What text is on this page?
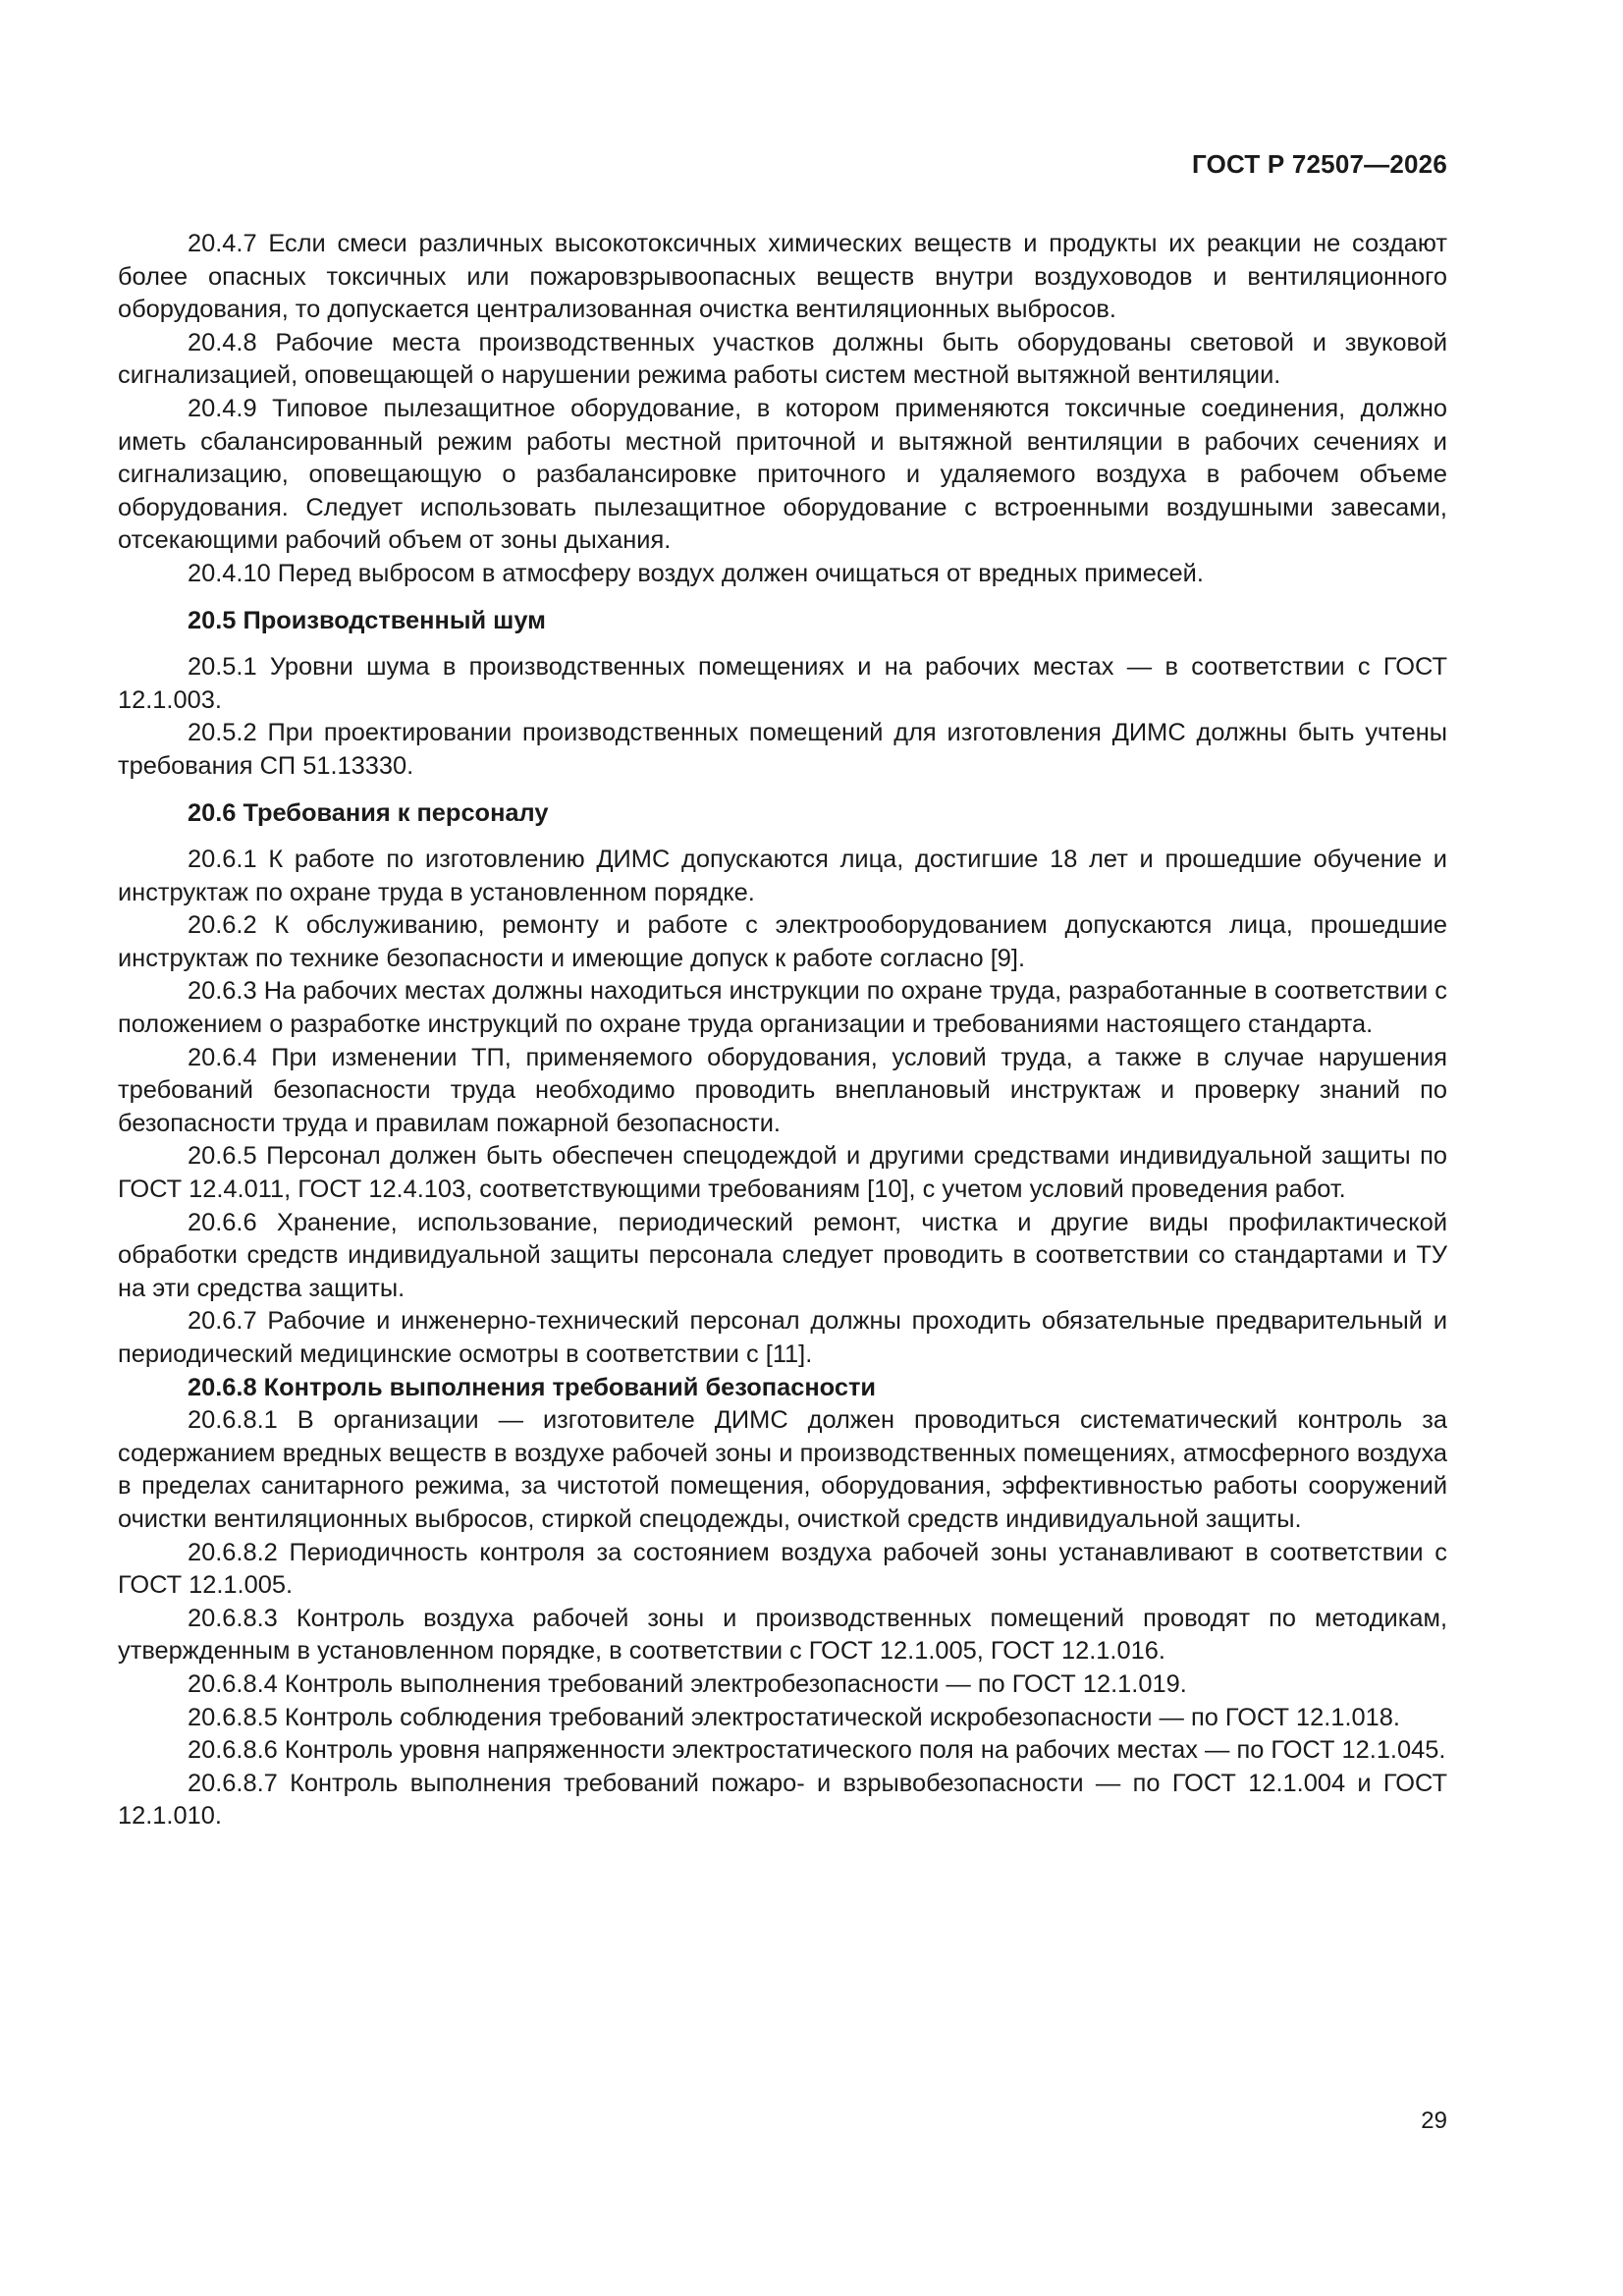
ГОСТ Р 72507—2026

20.4.7 Если смеси различных высокотоксичных химических веществ и продукты их реакции не создают более опасных токсичных или пожаровзрывоопасных веществ внутри воздуховодов и вентиляционного оборудования, то допускается централизованная очистка вентиляционных выбросов.

20.4.8 Рабочие места производственных участков должны быть оборудованы световой и звуковой сигнализацией, оповещающей о нарушении режима работы систем местной вытяжной вентиляции.

20.4.9 Типовое пылезащитное оборудование, в котором применяются токсичные соединения, должно иметь сбалансированный режим работы местной приточной и вытяжной вентиляции в рабочих сечениях и сигнализацию, оповещающую о разбалансировке приточного и удаляемого воздуха в рабочем объеме оборудования. Следует использовать пылезащитное оборудование с встроенными воздушными завесами, отсекающими рабочий объем от зоны дыхания.

20.4.10 Перед выбросом в атмосферу воздух должен очищаться от вредных примесей.

20.5 Производственный шум

20.5.1 Уровни шума в производственных помещениях и на рабочих местах — в соответствии с ГОСТ 12.1.003.

20.5.2 При проектировании производственных помещений для изготовления ДИМС должны быть учтены требования СП 51.13330.

20.6 Требования к персоналу

20.6.1 К работе по изготовлению ДИМС допускаются лица, достигшие 18 лет и прошедшие обучение и инструктаж по охране труда в установленном порядке.

20.6.2 К обслуживанию, ремонту и работе с электрооборудованием допускаются лица, прошедшие инструктаж по технике безопасности и имеющие допуск к работе согласно [9].

20.6.3 На рабочих местах должны находиться инструкции по охране труда, разработанные в соответствии с положением о разработке инструкций по охране труда организации и требованиями настоящего стандарта.

20.6.4 При изменении ТП, применяемого оборудования, условий труда, а также в случае нарушения требований безопасности труда необходимо проводить внеплановый инструктаж и проверку знаний по безопасности труда и правилам пожарной безопасности.

20.6.5 Персонал должен быть обеспечен спецодеждой и другими средствами индивидуальной защиты по ГОСТ 12.4.011, ГОСТ 12.4.103, соответствующими требованиям [10], с учетом условий проведения работ.

20.6.6 Хранение, использование, периодический ремонт, чистка и другие виды профилактической обработки средств индивидуальной защиты персонала следует проводить в соответствии со стандартами и ТУ на эти средства защиты.

20.6.7 Рабочие и инженерно-технический персонал должны проходить обязательные предварительный и периодический медицинские осмотры в соответствии с [11].

20.6.8 Контроль выполнения требований безопасности

20.6.8.1 В организации — изготовителе ДИМС должен проводиться систематический контроль за содержанием вредных веществ в воздухе рабочей зоны и производственных помещениях, атмосферного воздуха в пределах санитарного режима, за чистотой помещения, оборудования, эффективностью работы сооружений очистки вентиляционных выбросов, стиркой спецодежды, очисткой средств индивидуальной защиты.

20.6.8.2 Периодичность контроля за состоянием воздуха рабочей зоны устанавливают в соответствии с ГОСТ 12.1.005.

20.6.8.3 Контроль воздуха рабочей зоны и производственных помещений проводят по методикам, утвержденным в установленном порядке, в соответствии с ГОСТ 12.1.005, ГОСТ 12.1.016.

20.6.8.4 Контроль выполнения требований электробезопасности — по ГОСТ 12.1.019.

20.6.8.5 Контроль соблюдения требований электростатической искробезопасности — по ГОСТ 12.1.018.

20.6.8.6 Контроль уровня напряженности электростатического поля на рабочих местах — по ГОСТ 12.1.045.

20.6.8.7 Контроль выполнения требований пожаро- и взрывобезопасности — по ГОСТ 12.1.004 и ГОСТ 12.1.010.

29
